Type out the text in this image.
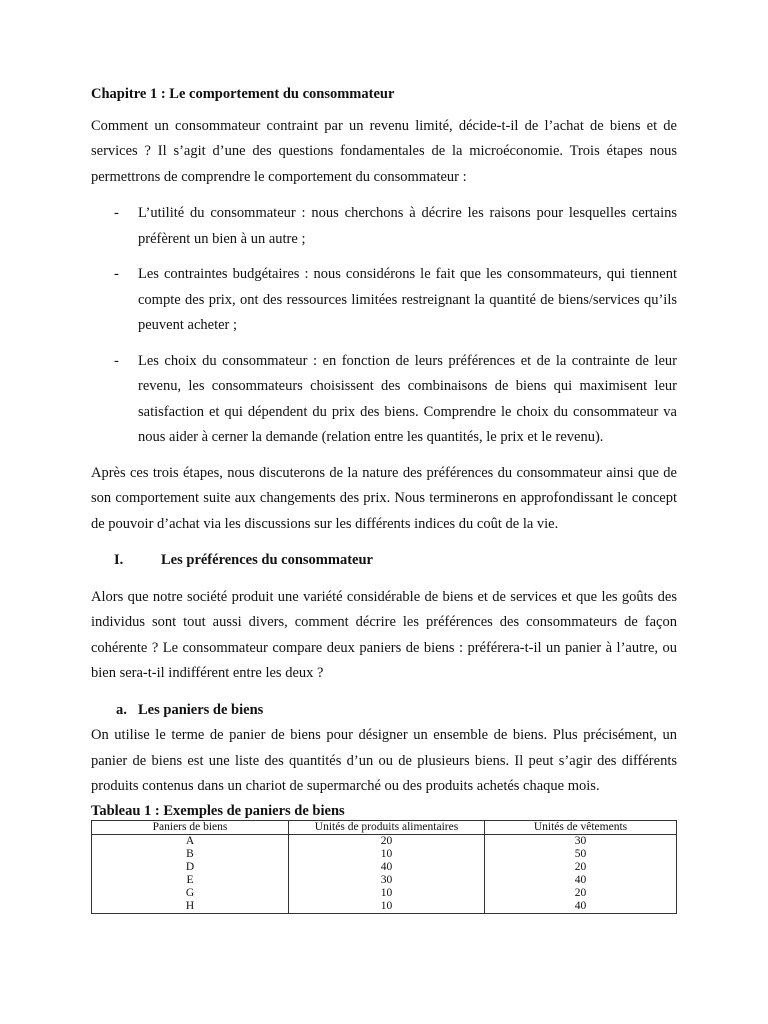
Chapitre 1 : Le comportement du consommateur

Comment un consommateur contraint par un revenu limité, décide-t-il de l’achat de biens et de services ? Il s’agit d’une des questions fondamentales de la microéconomie. Trois étapes nous permettrons de comprendre le comportement du consommateur :

- L’utilité du consommateur : nous cherchons à décrire les raisons pour lesquelles certains préfèrent un bien à un autre ;
- Les contraintes budgétaires : nous considérons le fait que les consommateurs, qui tiennent compte des prix, ont des ressources limitées restreignant la quantité de biens/services qu’ils peuvent acheter ;
- Les choix du consommateur : en fonction de leurs préférences et de la contrainte de leur revenu, les consommateurs choisissent des combinaisons de biens qui maximisent leur satisfaction et qui dépendent du prix des biens. Comprendre le choix du consommateur va nous aider à cerner la demande (relation entre les quantités, le prix et le revenu).

Après ces trois étapes, nous discuterons de la nature des préférences du consommateur ainsi que de son comportement suite aux changements des prix. Nous terminerons en approfondissant le concept de pouvoir d’achat via les discussions sur les différents indices du coût de la vie.

I.	Les préférences du consommateur

Alors que notre société produit une variété considérable de biens et de services et que les goûts des individus sont tout aussi divers, comment décrire les préférences des consommateurs de façon cohérente ? Le consommateur compare deux paniers de biens : préférera-t-il un panier à l’autre, ou bien sera-t-il indifférent entre les deux ?

a. Les paniers de biens

On utilise le terme de panier de biens pour désigner un ensemble de biens. Plus précisément, un panier de biens est une liste des quantités d’un ou de plusieurs biens. Il peut s’agir des différents produits contenus dans un chariot de supermarché ou des produits achetés chaque mois.

Tableau 1 : Exemples de paniers de biens
Paniers de biens	Unités de produits alimentaires	Unités de vêtements
A	20	30
B	10	50
D	40	20
E	30	40
G	10	20
H	10	40
